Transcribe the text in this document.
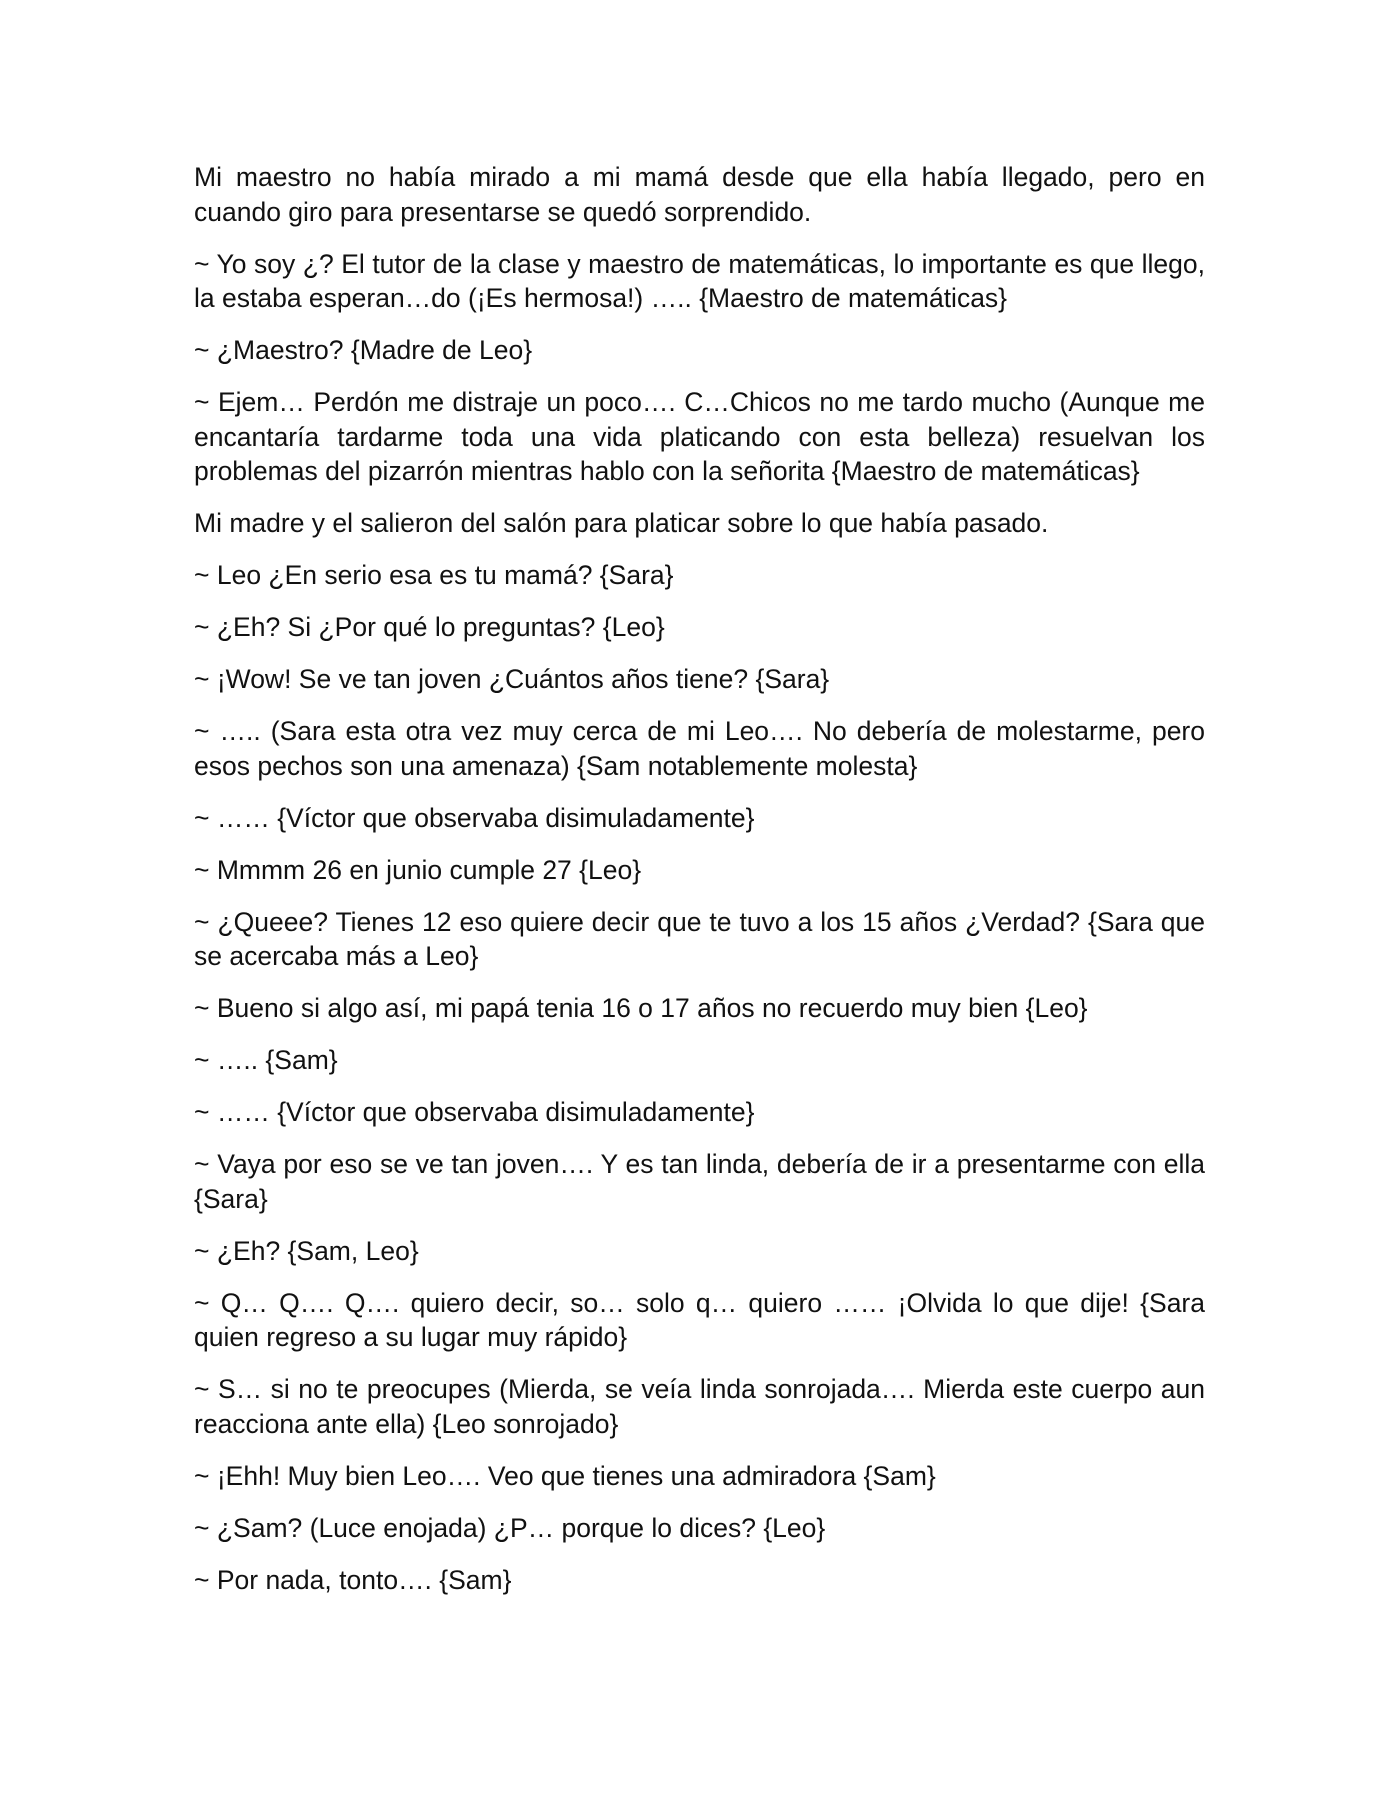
Mi maestro no había mirado a mi mamá desde que ella había llegado, pero en cuando giro para presentarse se quedó sorprendido.

~ Yo soy ¿? El tutor de la clase y maestro de matemáticas, lo importante es que llego, la estaba esperan…do (¡Es hermosa!) ….. {Maestro de matemáticas}

~ ¿Maestro? {Madre de Leo}

~ Ejem… Perdón me distraje un poco…. C…Chicos no me tardo mucho (Aunque me encantaría tardarme toda una vida platicando con esta belleza) resuelvan los problemas del pizarrón mientras hablo con la señorita {Maestro de matemáticas}

Mi madre y el salieron del salón para platicar sobre lo que había pasado.

~ Leo ¿En serio esa es tu mamá? {Sara}

~ ¿Eh? Si ¿Por qué lo preguntas? {Leo}

~ ¡Wow! Se ve tan joven ¿Cuántos años tiene? {Sara}

~ ….. (Sara esta otra vez muy cerca de mi Leo…. No debería de molestarme, pero esos pechos son una amenaza) {Sam notablemente molesta}

~ …… {Víctor que observaba disimuladamente}

~ Mmmm 26 en junio cumple 27 {Leo}

~ ¿Queee? Tienes 12 eso quiere decir que te tuvo a los 15 años ¿Verdad? {Sara que se acercaba más a Leo}

~ Bueno si algo así, mi papá tenia 16 o 17 años no recuerdo muy bien {Leo}

~ ….. {Sam}

~ …… {Víctor que observaba disimuladamente}

~ Vaya por eso se ve tan joven…. Y es tan linda, debería de ir a presentarme con ella {Sara}

~ ¿Eh? {Sam, Leo}

~ Q… Q…. Q…. quiero decir, so… solo q… quiero …… ¡Olvida lo que dije! {Sara quien regreso a su lugar muy rápido}

~ S… si no te preocupes (Mierda, se veía linda sonrojada…. Mierda este cuerpo aun reacciona ante ella) {Leo sonrojado}

~ ¡Ehh! Muy bien Leo…. Veo que tienes una admiradora {Sam}

~ ¿Sam? (Luce enojada) ¿P… porque lo dices? {Leo}

~ Por nada, tonto…. {Sam}
